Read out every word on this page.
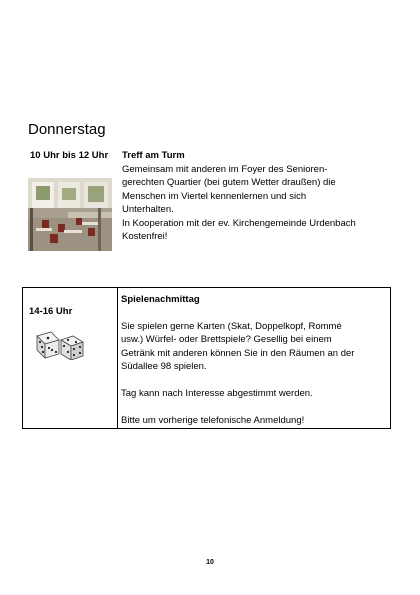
Donnerstag
10 Uhr bis 12 Uhr Treff am Turm

Gemeinsam mit anderen im Foyer des Senioren-

gerechten Quartier (bei gutem Wetter draußen) die

Menschen im Viertel kennenlernen und sich

Unterhalten.

In Kooperation mit der ev. Kirchengemeinde Urdenbach

Kostenfrei!

14-16 Uhr

Spielenachmittag

Sie spielen gerne Karten (Skat, Doppelkopf, Rommé

usw.) Würfel- oder Brettspiele? Gesellig bei einem

Getränk mit anderen können Sie in den Räumen an der

Südallee 98 spielen.

Tag kann nach Interesse abgestimmt werden.

Bitte um vorherige telefonische Anmeldung!

10
